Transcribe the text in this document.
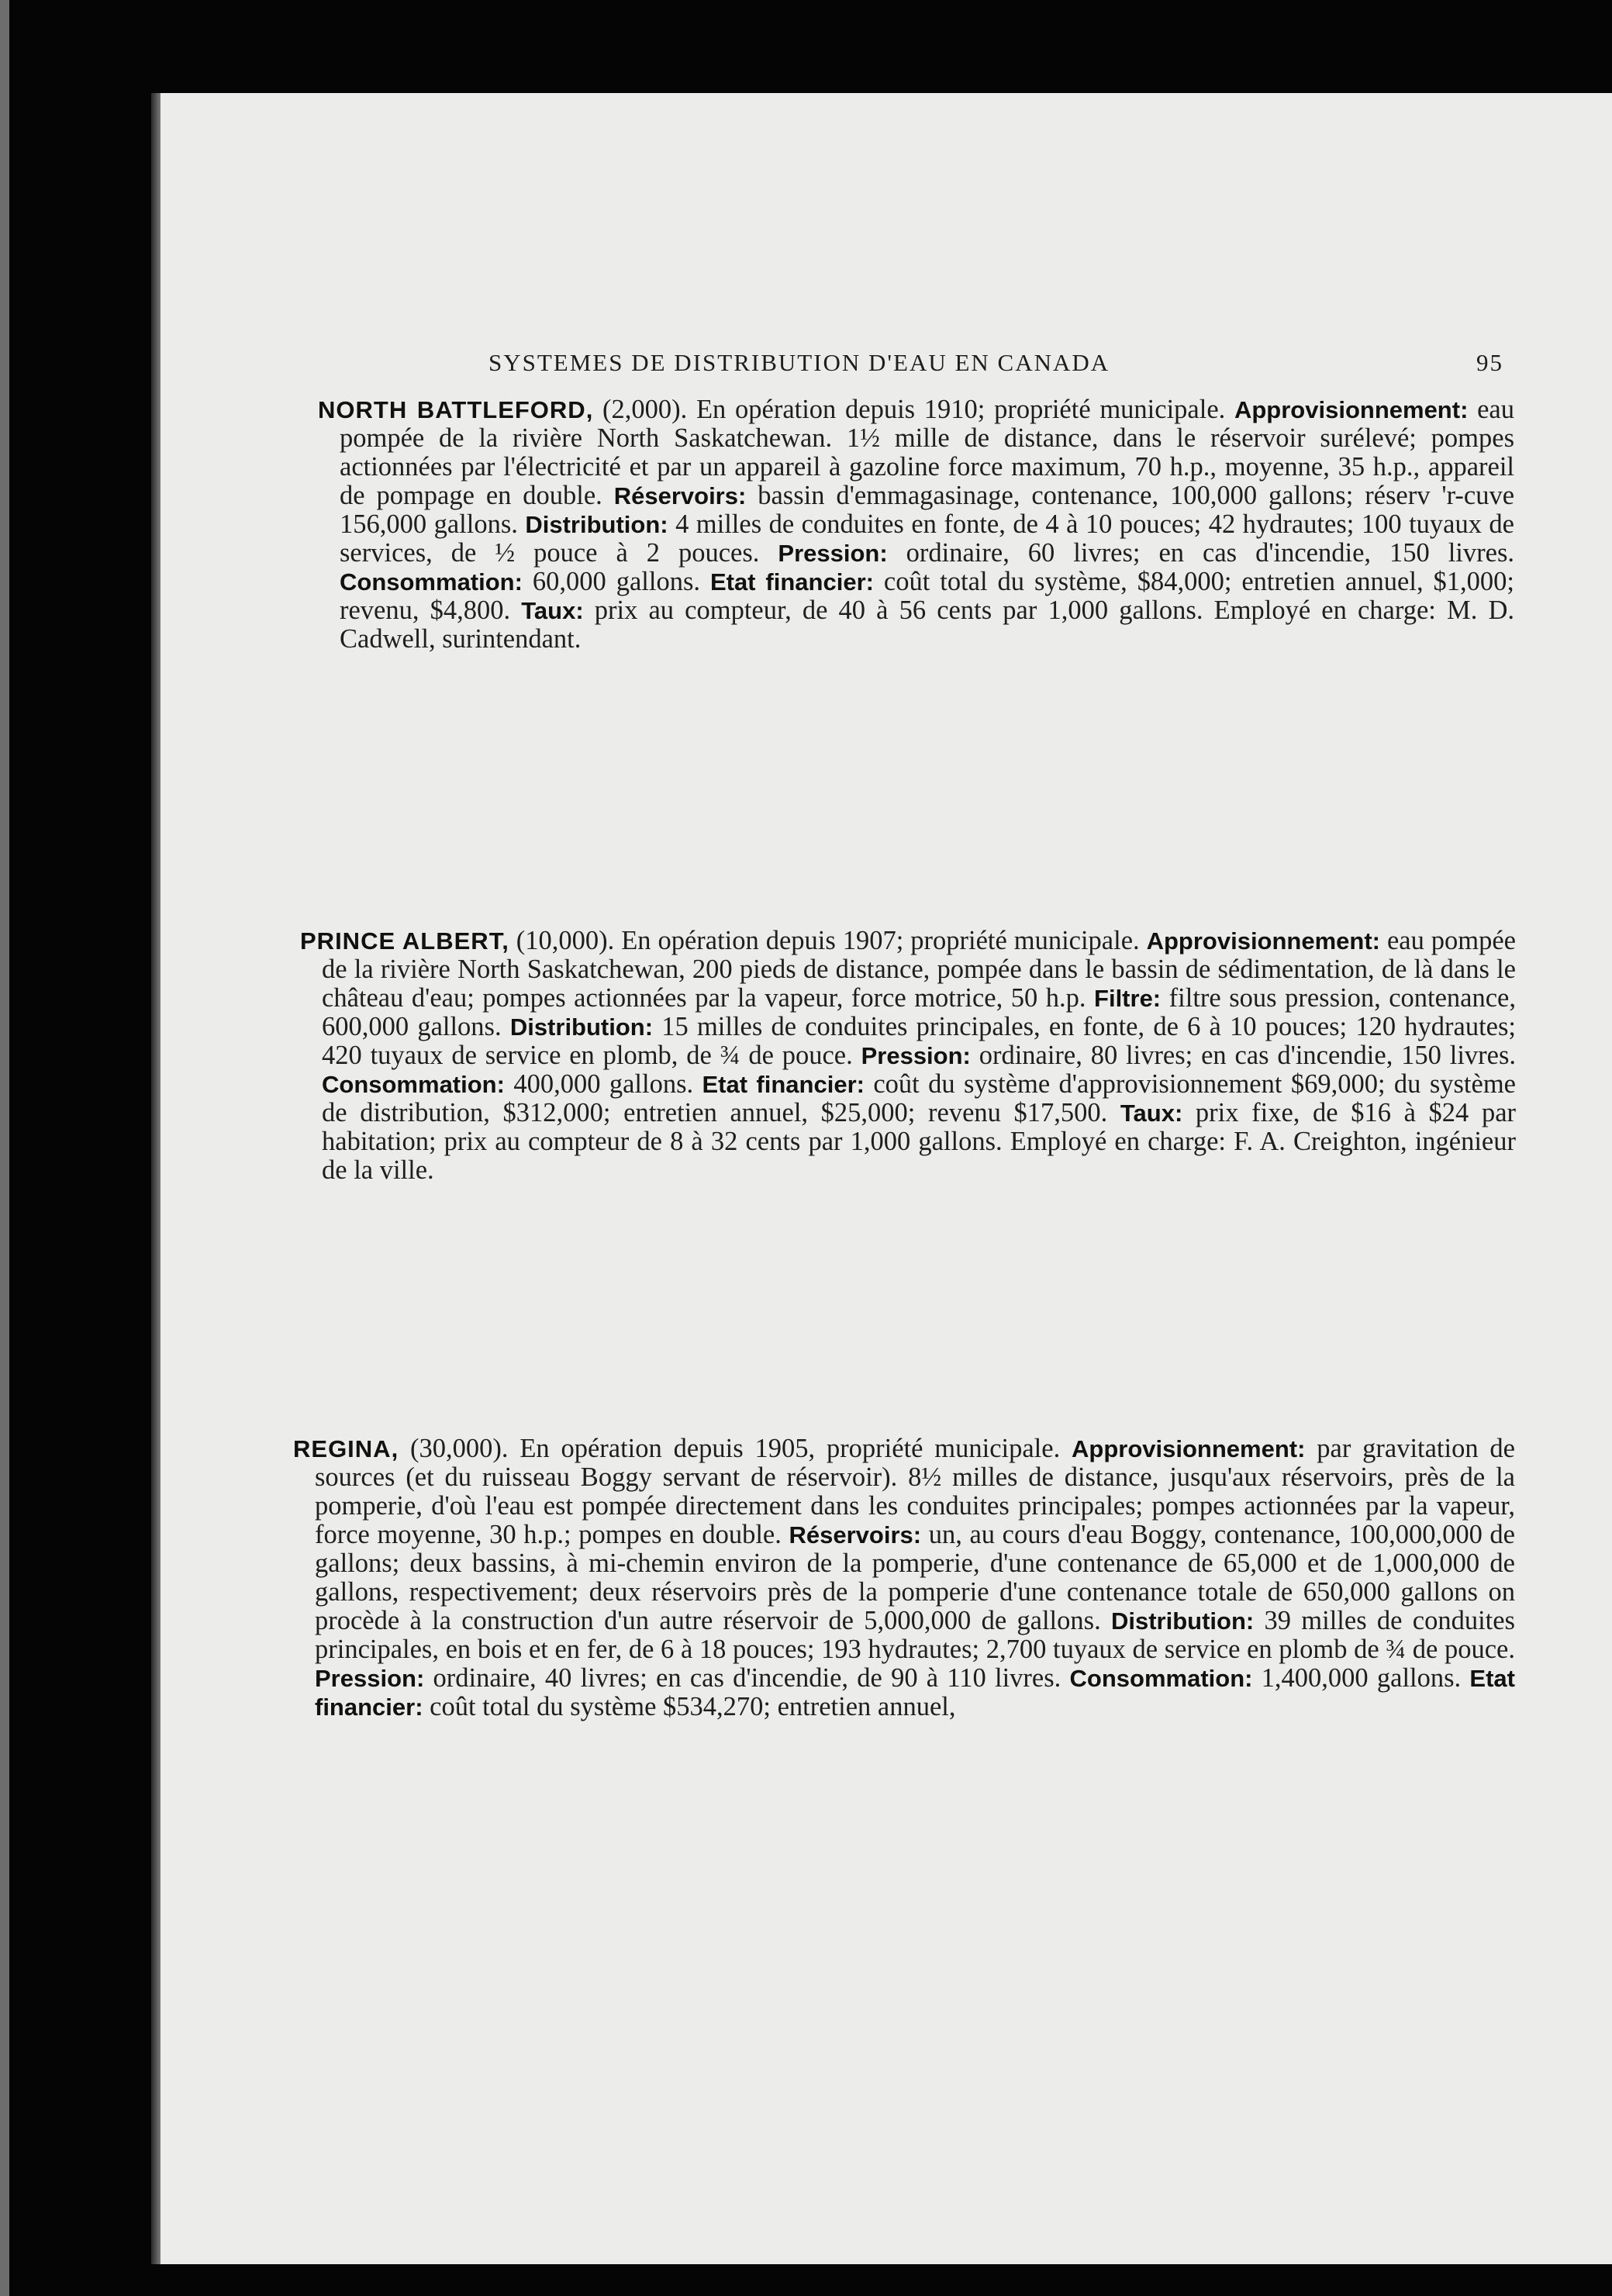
SYSTEMES DE DISTRIBUTION D'EAU EN CANADA	95

NORTH BATTLEFORD, (2,000). En opération depuis 1910; propriété municipale. Approvisionnement: eau pompée de la rivière North Saskatchewan. 1½ mille de distance, dans le réservoir surélevé; pompes actionnées par l'électricité et par un appareil à gazoline force maximum, 70 h.p., moyenne, 35 h.p., appareil de pompage en double. Réservoirs: bassin d'emmagasinage, contenance, 100,000 gallons; réserv 'r-cuve 156,000 gallons. Distribution: 4 milles de conduites en fonte, de 4 à 10 pouces; 42 hydrautes; 100 tuyaux de services, de ½ pouce à 2 pouces. Pression: ordinaire, 60 livres; en cas d'incendie, 150 livres. Consommation: 60,000 gallons. Etat financier: coût total du système, $84,000; entretien annuel, $1,000; revenu, $4,800. Taux: prix au compteur, de 40 à 56 cents par 1,000 gallons. Employé en charge: M. D. Cadwell, surintendant.

PRINCE ALBERT, (10,000). En opération depuis 1907; propriété municipale. Approvisionnement: eau pompée de la rivière North Saskatchewan, 200 pieds de distance, pompée dans le bassin de sédimentation, de là dans le château d'eau; pompes actionnées par la vapeur, force motrice, 50 h.p. Filtre: filtre sous pression, contenance, 600,000 gallons. Distribution: 15 milles de conduites principales, en fonte, de 6 à 10 pouces; 120 hydrautes; 420 tuyaux de service en plomb, de ¾ de pouce. Pression: ordinaire, 80 livres; en cas d'incendie, 150 livres. Consommation: 400,000 gallons. Etat financier: coût du système d'approvisionnement $69,000; du système de distribution, $312,000; entretien annuel, $25,000; revenu $17,500. Taux: prix fixe, de $16 à $24 par habitation; prix au compteur de 8 à 32 cents par 1,000 gallons. Employé en charge: F. A. Creighton, ingénieur de la ville.

REGINA, (30,000). En opération depuis 1905, propriété municipale. Approvisionnement: par gravitation de sources (et du ruisseau Boggy servant de réservoir). 8½ milles de distance, jusqu'aux réservoirs, près de la pomperie, d'où l'eau est pompée directement dans les conduites principales; pompes actionnées par la vapeur, force moyenne, 30 h.p.; pompes en double. Réservoirs: un, au cours d'eau Boggy, contenance, 100,000,000 de gallons; deux bassins, à mi-chemin environ de la pomperie, d'une contenance de 65,000 et de 1,000,000 de gallons, respectivement; deux réservoirs près de la pomperie d'une contenance totale de 650,000 gallons on procède à la construction d'un autre réservoir de 5,000,000 de gallons. Distribution: 39 milles de conduites principales, en bois et en fer, de 6 à 18 pouces; 193 hydrautes; 2,700 tuyaux de service en plomb de ¾ de pouce. Pression: ordinaire, 40 livres; en cas d'incendie, de 90 à 110 livres. Consommation: 1,400,000 gallons. Etat financier: coût total du système $534,270; entretien annuel,
